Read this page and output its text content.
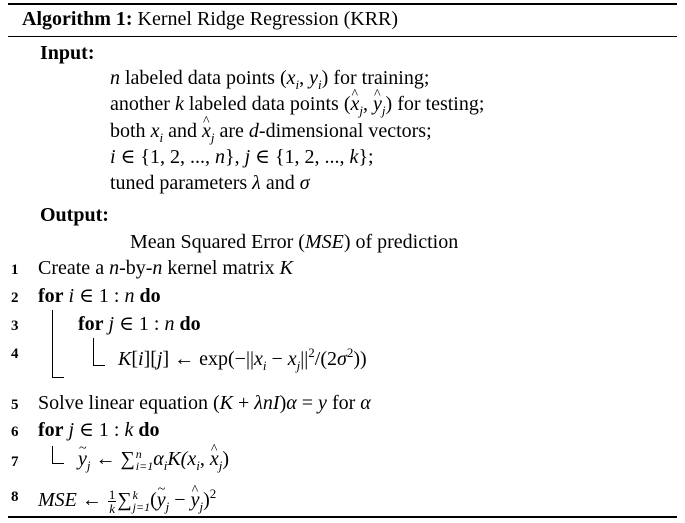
Algorithm 1: Kernel Ridge Regression (KRR)
Input:
n labeled data points ($x_i$, $y_i$) for training;
another k labeled data points (x $\^{}_j$, y $\^{}_j$) for testing;
both $x_i$ and x $\^{}_j$ are d-dimensional vectors;
i ∈ {1, 2, ..., n}, j ∈ {1, 2, ..., k};
tuned parameters λ and σ
Output:
Mean Squared Error (MSE) of prediction
1 Create a n-by-n kernel matrix K
2 for i ∈ 1 : n do
3	for j ∈ 1 : n do
4	K[i][j] ← $\exp(-||x_i - x_j||^2/(2\sigma^2))$
5 Solve linear equation (K + λnI)α = y for α
6 for j ∈ 1 : k do
7	y $\sim_j$ ← ∑ n
i=1 $\alpha_iK(x_i$, x $\^{}_j$)
8 MSE ← $\frac{1}{k}$ ∑ k
j=1 (y $\sim_j - y$ $\^{}_j)^2$
